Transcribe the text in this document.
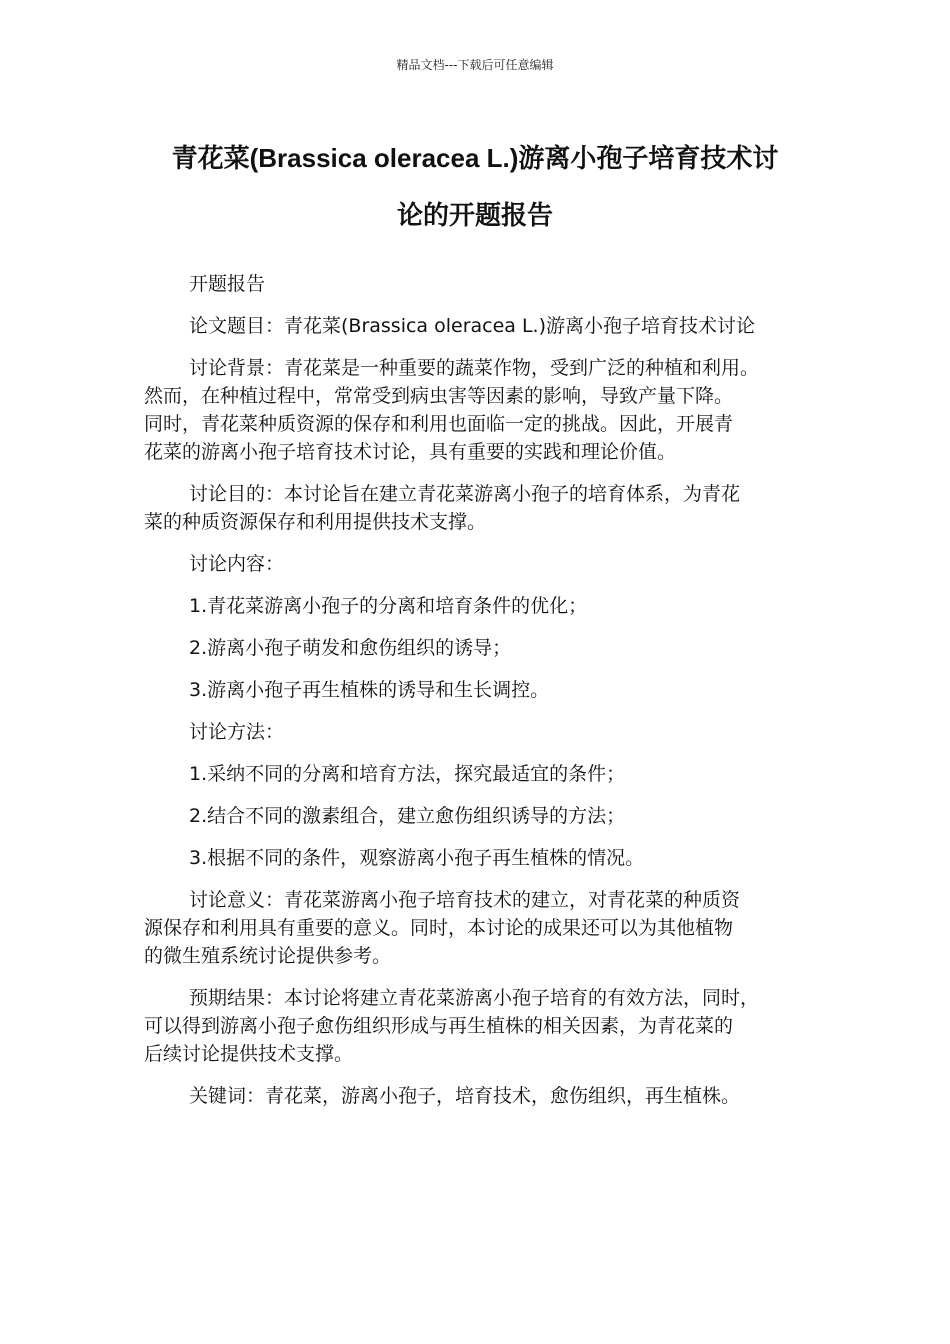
精品文档---下载后可任意编辑
青花菜(Brassica oleracea L.)游离小孢子培育技术讨
论的开题报告

开题报告

论文题目：青花菜(Brassica oleracea L.)游离小孢子培育技术讨论

讨论背景：青花菜是一种重要的蔬菜作物，受到广泛的种植和利用。
然而，在种植过程中，常常受到病虫害等因素的影响，导致产量下降。
同时，青花菜种质资源的保存和利用也面临一定的挑战。因此，开展青
花菜的游离小孢子培育技术讨论，具有重要的实践和理论价值。
讨论目的：本讨论旨在建立青花菜游离小孢子的培育体系，为青花
菜的种质资源保存和利用提供技术支撑。

讨论内容：

1.青花菜游离小孢子的分离和培育条件的优化；

2.游离小孢子萌发和愈伤组织的诱导；

3.游离小孢子再生植株的诱导和生长调控。

讨论方法：

1.采纳不同的分离和培育方法，探究最适宜的条件；

2.结合不同的激素组合，建立愈伤组织诱导的方法；

3.根据不同的条件，观察游离小孢子再生植株的情况。

讨论意义：青花菜游离小孢子培育技术的建立，对青花菜的种质资
源保存和利用具有重要的意义。同时，本讨论的成果还可以为其他植物
的微生殖系统讨论提供参考。
预期结果：本讨论将建立青花菜游离小孢子培育的有效方法，同时，
可以得到游离小孢子愈伤组织形成与再生植株的相关因素，为青花菜的
后续讨论提供技术支撑。

关键词：青花菜，游离小孢子，培育技术，愈伤组织，再生植株。
